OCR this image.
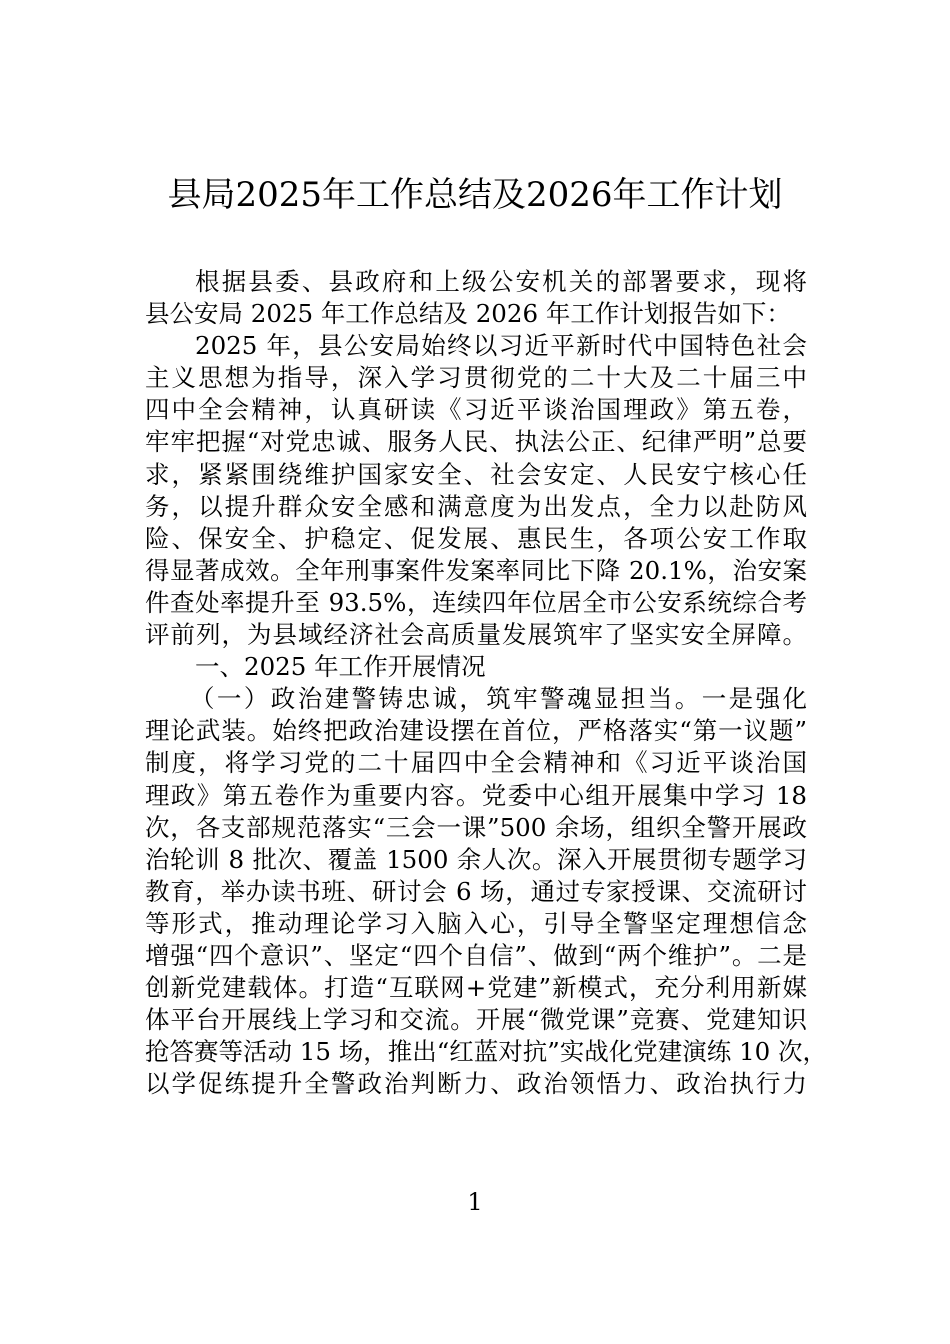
县局2025年工作总结及2026年工作计划
根据县委、县政府和上级公安机关的部署要求，现将
县公安局 2025 年工作总结及 2026 年工作计划报告如下：
2025 年，县公安局始终以习近平新时代中国特色社会
主义思想为指导，深入学习贯彻党的二十大及二十届三中
四中全会精神，认真研读《习近平谈治国理政》第五卷，
牢牢把握“对党忠诚、服务人民、执法公正、纪律严明”总要
求，紧紧围绕维护国家安全、社会安定、人民安宁核心任
务，以提升群众安全感和满意度为出发点，全力以赴防风
险、保安全、护稳定、促发展、惠民生，各项公安工作取
得显著成效。全年刑事案件发案率同比下降 20.1%，治安案
件查处率提升至 93.5%，连续四年位居全市公安系统综合考
评前列，为县域经济社会高质量发展筑牢了坚实安全屏障。
一、2025 年工作开展情况
（一）政治建警铸忠诚，筑牢警魂显担当。一是强化
理论武装。始终把政治建设摆在首位，严格落实“第一议题”
制度，将学习党的二十届四中全会精神和《习近平谈治国
理政》第五卷作为重要内容。党委中心组开展集中学习 18
次，各支部规范落实“三会一课”500 余场，组织全警开展政
治轮训 8 批次、覆盖 1500 余人次。深入开展贯彻专题学习
教育，举办读书班、研讨会 6 场，通过专家授课、交流研讨
等形式，推动理论学习入脑入心，引导全警坚定理想信念
增强“四个意识”、坚定“四个自信”、做到“两个维护”。二是
创新党建载体。打造“互联网+党建”新模式，充分利用新媒
体平台开展线上学习和交流。开展“微党课”竞赛、党建知识
抢答赛等活动 15 场，推出“红蓝对抗”实战化党建演练 10 次，
以学促练提升全警政治判断力、政治领悟力、政治执行力
1
